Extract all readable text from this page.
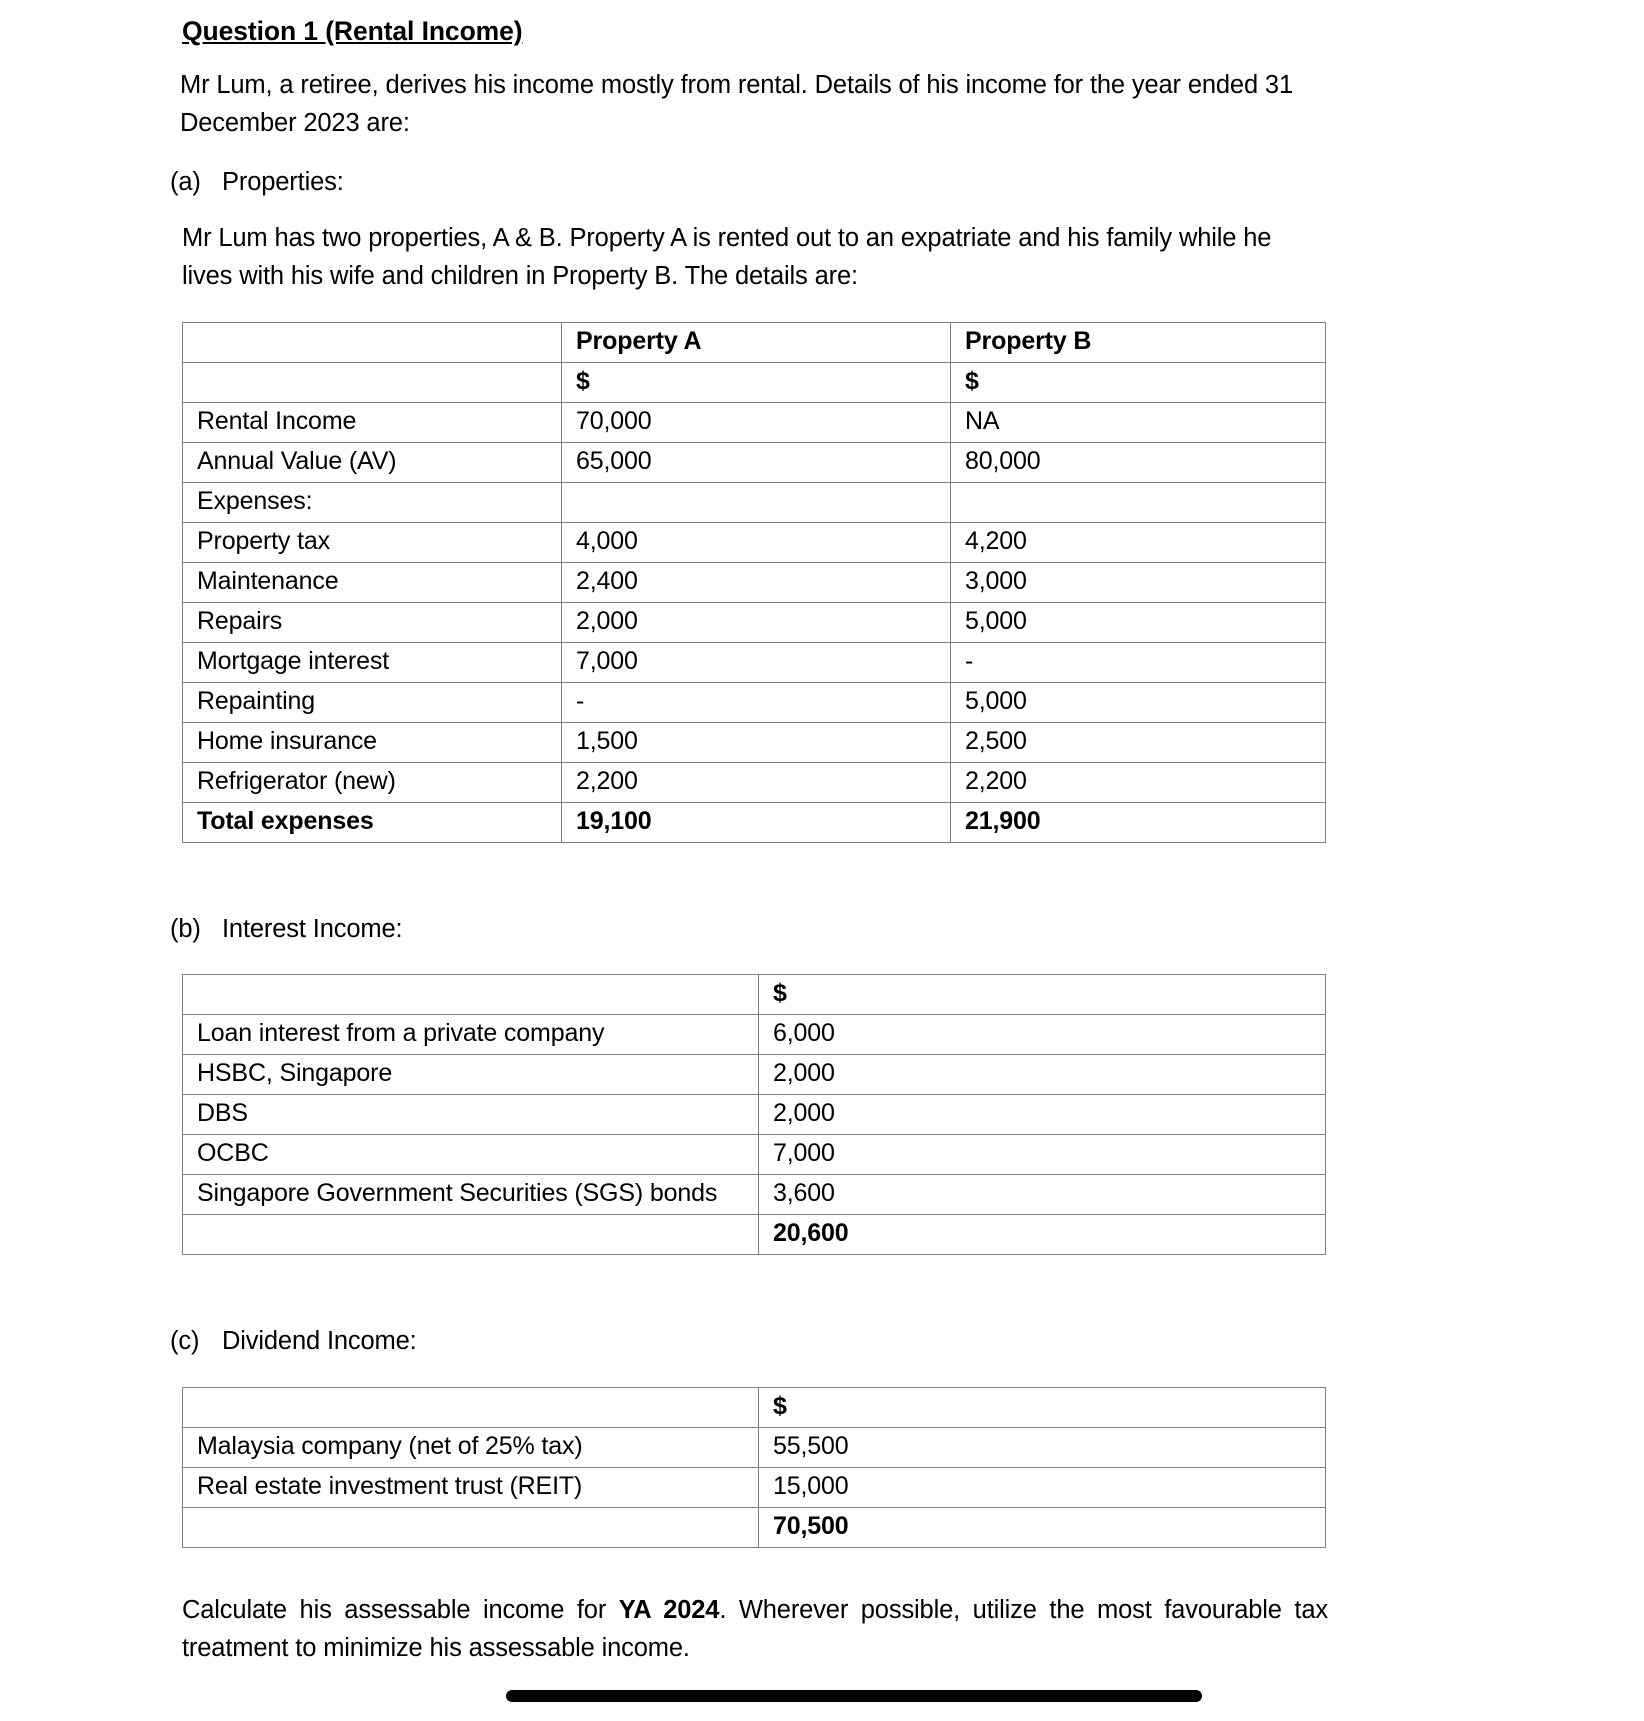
Question 1 (Rental Income)

Mr Lum, a retiree, derives his income mostly from rental. Details of his income for the year ended 31 December 2023 are:

(a) Properties:

Mr Lum has two properties, A & B. Property A is rented out to an expatriate and his family while he lives with his wife and children in Property B. The details are:

	Property A	Property B
	$	$
Rental Income	70,000	NA
Annual Value (AV)	65,000	80,000
Expenses:		
Property tax	4,000	4,200
Maintenance	2,400	3,000
Repairs	2,000	5,000
Mortgage interest	7,000	-
Repainting	-	5,000
Home insurance	1,500	2,500
Refrigerator (new)	2,200	2,200
Total expenses	19,100	21,900
(b) Interest Income:
	$
Loan interest from a private company	6,000
HSBC, Singapore	2,000
DBS	2,000
OCBC	7,000
Singapore Government Securities (SGS) bonds	3,600
	20,600
(c) Dividend Income:
	$
Malaysia company (net of 25% tax)	55,500
Real estate investment trust (REIT)	15,000
	70,500

Calculate his assessable income for YA 2024. Wherever possible, utilize the most favourable tax treatment to minimize his assessable income.
